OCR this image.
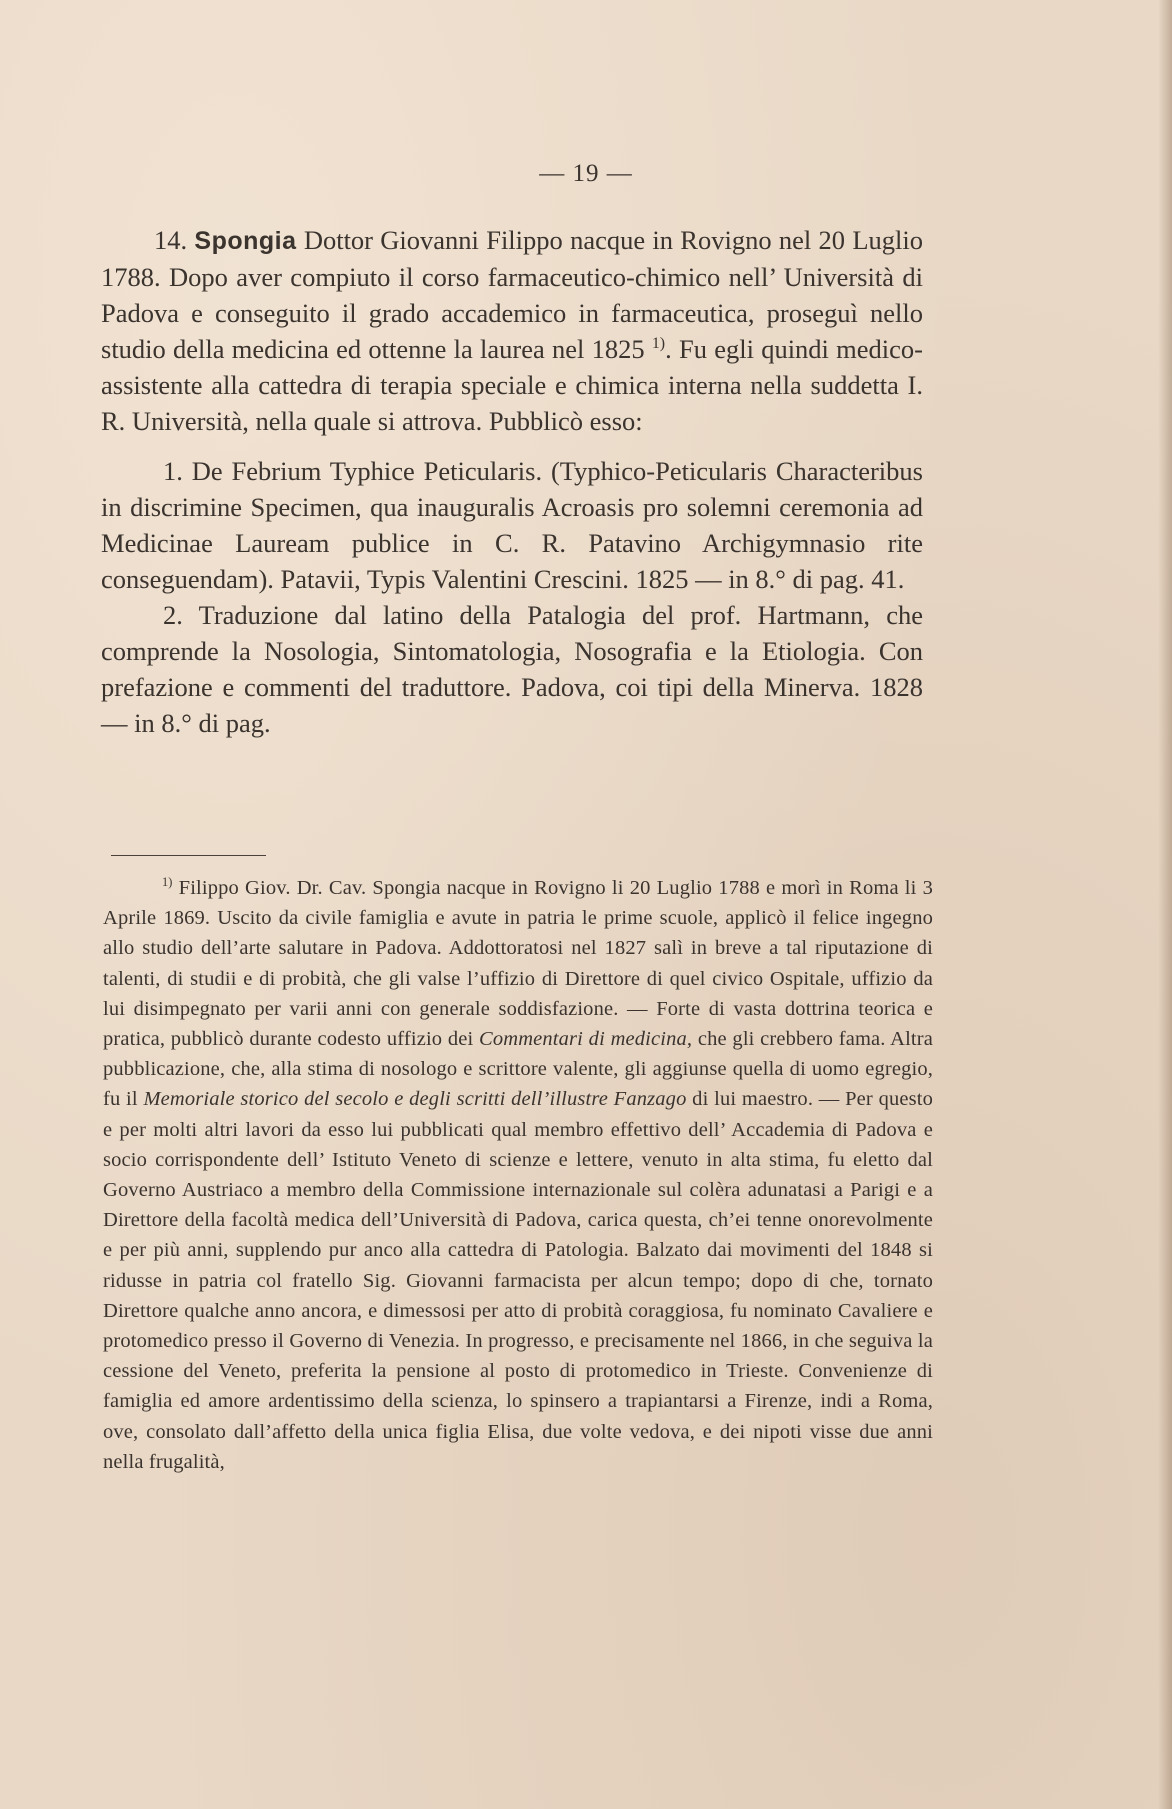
— 19 —

14. Spongia Dottor Giovanni Filippo nacque in Rovigno nel 20 Luglio 1788. Dopo aver compiuto il corso farmaceutico-chimico nell’ Università di Padova e conseguito il grado accademico in farmaceutica, proseguì nello studio della medicina ed ottenne la laurea nel 1825 $^{1)}$. Fu egli quindi medico-assistente alla cattedra di terapia speciale e chimica interna nella suddetta I. R. Università, nella quale si attrova. Pubblicò esso:

1. De Febrium Typhice Peticularis. (Typhico-Peticularis Characteribus in discrimine Specimen, qua inauguralis Acroasis pro solemni ceremonia ad Medicinae Lauream publice in C. R. Patavino Archigymnasio rite conseguendam). Patavii, Typis Valentini Crescini. 1825 — in 8.° di pag. 41.

2. Traduzione dal latino della Patalogia del prof. Hartmann, che comprende la Nosologia, Sintomatologia, Nosografia e la Etiologia. Con prefazione e commenti del traduttore. Padova, coi tipi della Minerva. 1828 — in 8.° di pag.

$^{1)}$ Filippo Giov. Dr. Cav. Spongia nacque in Rovigno li 20 Luglio 1788 e morì in Roma li 3 Aprile 1869. Uscito da civile famiglia e avute in patria le prime scuole, applicò il felice ingegno allo studio dell’arte salutare in Padova. Addottoratosi nel 1827 salì in breve a tal riputazione di talenti, di studii e di probità, che gli valse l’uffizio di Direttore di quel civico Ospitale, uffizio da lui disimpegnato per varii anni con generale soddisfazione. — Forte di vasta dottrina teorica e pratica, pubblicò durante codesto uffizio dei Commentari di medicina, che gli crebbero fama. Altra pubblicazione, che, alla stima di nosologo e scrittore valente, gli aggiunse quella di uomo egregio, fu il Memoriale storico del secolo e degli scritti dell’illustre Fanzago di lui maestro. — Per questo e per molti altri lavori da esso lui pubblicati qual membro effettivo dell’ Accademia di Padova e socio corrispondente dell’ Istituto Veneto di scienze e lettere, venuto in alta stima, fu eletto dal Governo Austriaco a membro della Commissione internazionale sul colèra adunatasi a Parigi e a Direttore della facoltà medica dell’Università di Padova, carica questa, ch’ei tenne onorevolmente e per più anni, supplendo pur anco alla cattedra di Patologia. Balzato dai movimenti del 1848 si ridusse in patria col fratello Sig. Giovanni farmacista per alcun tempo; dopo di che, tornato Direttore qualche anno ancora, e dimessosi per atto di probità coraggiosa, fu nominato Cavaliere e protomedico presso il Governo di Venezia. In progresso, e precisamente nel 1866, in che seguiva la cessione del Veneto, preferita la pensione al posto di protomedico in Trieste. Convenienze di famiglia ed amore ardentissimo della scienza, lo spinsero a trapiantarsi a Firenze, indi a Roma, ove, consolato dall’affetto della unica figlia Elisa, due volte vedova, e dei nipoti visse due anni nella frugalità,
